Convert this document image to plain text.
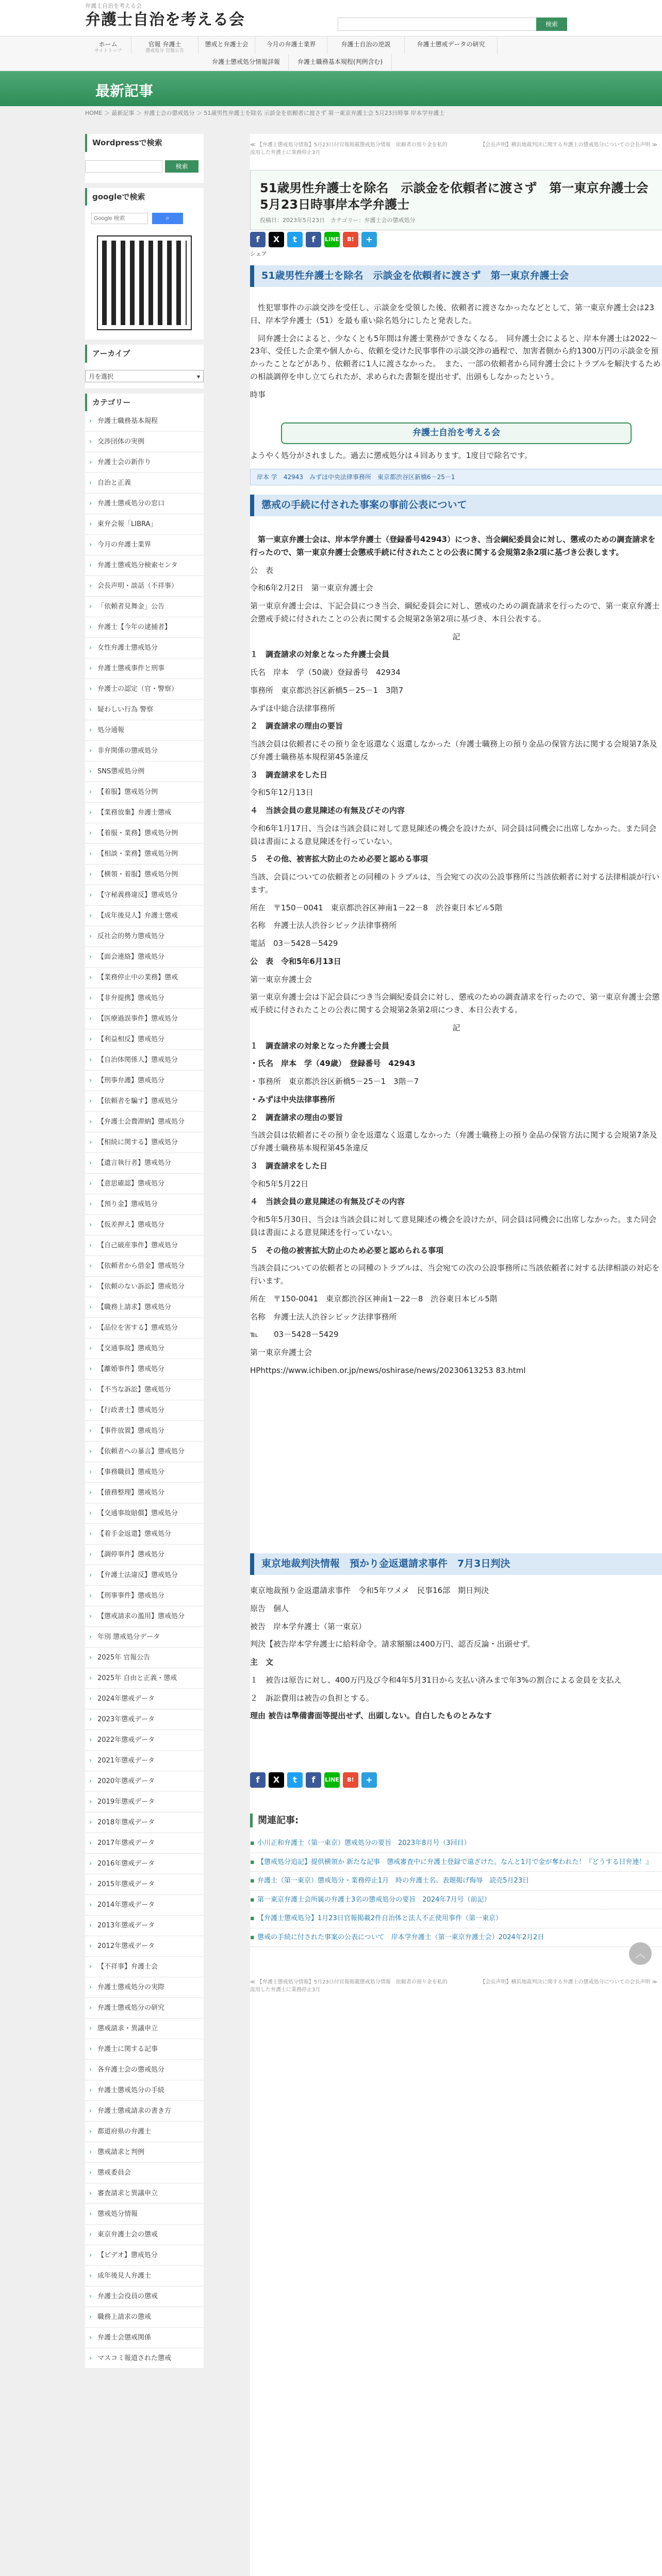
弁護士自治を考える会
弁護士自治を考える会	検索
ホーム
サイトトップ
官報 弁護士
懲戒処分 官報公告
懲戒と弁護士会	今月の弁護士業界	弁護士自治の逆説	弁護士懲戒データの研究
弁護士懲戒処分情報詳報	弁護士職務基本規程(判例含む)
最新記事
HOME ＞ 最新記事 ＞ 弁護士会の懲戒処分 ＞ 51歳男性弁護士を除名 示談金を依頼者に渡さず 第一東京弁護士会 5月23日時事 岸本学弁護士
Wordpressで検索
検索
googleで検索
Google 検索
⌕
アーカイブ
月を選択	▾
カテゴリー
› 弁護士職務基本規程
› 交渉団体の実例
› 弁護士会の新作り
› 自治と正義
› 弁護士懲戒処分の窓口
› 東弁会報「LIBRA」
› 今月の弁護士業界
› 弁護士懲戒処分検索センタ
› 会長声明・談話（不祥事）
› 「依頼者見舞金」公告
› 弁護士【今年の逮捕者】
› 女性弁護士懲戒処分
› 弁護士懲戒事件と刑事
› 弁護士の認定（官・警察）
› 疑わしい行為 警察
› 処分通報
› 非弁関係の懲戒処分
› SNS懲戒処分例
› 【着服】懲戒処分例
› 【業務放棄】弁護士懲戒
› 【着服・業務】懲戒処分例
› 【相談・業務】懲戒処分例
› 【横領・着服】懲戒処分例
› 【守秘義務違反】懲戒処分
› 【成年後見人】弁護士懲戒
› 反社会的勢力懲戒処分
› 【面会連絡】懲戒処分
› 【業務停止中の業務】懲戒
› 【非弁提携】懲戒処分
› 【医療過誤事件】懲戒処分
› 【利益相反】懲戒処分
› 【自治体関係人】懲戒処分
› 【刑事弁護】懲戒処分
› 【依頼者を騙す】懲戒処分
› 【弁護士会費滞納】懲戒処分
› 【相続に関する】懲戒処分
› 【遺言執行者】懲戒処分
› 【意思確認】懲戒処分
› 【預り金】懲戒処分
› 【仮差押え】懲戒処分
› 【自己破産事件】懲戒処分
› 【依頼者から借金】懲戒処分
› 【依頼のない訴訟】懲戒処分
› 【職務上請求】懲戒処分
› 【品位を害する】懲戒処分
› 【交通事故】懲戒処分
› 【離婚事件】懲戒処分
› 【不当な訴訟】懲戒処分
› 【行政書士】懲戒処分
› 【事件放置】懲戒処分
› 【依頼者への暴言】懲戒処分
› 【事務職員】懲戒処分
› 【債務整理】懲戒処分
› 【交通事故賠償】懲戒処分
› 【着手金返還】懲戒処分
› 【調停事件】懲戒処分
› 【弁護士法違反】懲戒処分
› 【刑事事件】懲戒処分
› 【懲戒請求の濫用】懲戒処分
› 年別 懲戒処分データ
› 2025年 官報公告
› 2025年 自由と正義・懲戒
› 2024年懲戒データ
› 2023年懲戒データ
› 2022年懲戒データ
› 2021年懲戒データ
› 2020年懲戒データ
› 2019年懲戒データ
› 2018年懲戒データ
› 2017年懲戒データ
› 2016年懲戒データ
› 2015年懲戒データ
› 2014年懲戒データ
› 2013年懲戒データ
› 2012年懲戒データ
› 【不祥事】弁護士会
› 弁護士懲戒処分の実際
› 弁護士懲戒処分の研究
› 懲戒請求・異議申立
› 弁護士に関する記事
› 各弁護士会の懲戒処分
› 弁護士懲戒処分の手続
› 弁護士懲戒請求の書き方
› 都道府県の弁護士
› 懲戒請求と判例
› 懲戒委員会
› 審査請求と異議申立
› 懲戒処分情報
› 東京弁護士会の懲戒
› 【ビデオ】懲戒処分
› 成年後見人弁護士
› 弁護士会役員の懲戒
› 職務上請求の懲戒
› 弁護士会懲戒関係
› マスコミ報道された懲戒
≪ 【弁護士懲戒処分情報】5月23日付官報掲載懲戒処分情報　依頼者の預り金を私的流用した弁護士に業務停止3月
【会長声明】横浜地裁判決に関する弁護士の懲戒処分についての会長声明 ≫
51歳男性弁護士を除名　示談金を依頼者に渡さず　第一東京弁護士会 5月23日時事岸本学弁護士
投稿日：2023年5月23日　カテゴリー：弁護士会の懲戒処分
f	X	t	f	LINE	B!	+
シェア
51歳男性弁護士を除名　示談金を依頼者に渡さず　第一東京弁護士会

　性犯罪事件の示談交渉を受任し、示談金を受領した後、依頼者に渡さなかったなどとして、第一東京弁護士会は23日、岸本学弁護士（51）を最も重い除名処分にしたと発表した。

　同弁護士会によると、少なくとも5年間は弁護士業務ができなくなる。　同弁護士会によると、岸本弁護士は2022～23年、受任した企業や個人から、依頼を受けた民事事件の示談交渉の過程で、加害者側から約1300万円の示談金を預かったことなどがあり、依頼者に1人に渡さなかった。　また、一部の依頼者から同弁護士会にトラブルを解決するための相談調停を申し立てられたが、求められた書類を提出せず、出頭もしなかったという。

時事

弁護士自治を考える会
ようやく処分がされました。過去に懲戒処分は４回あります。1度目で除名です。
岸本 学　42943　みずほ中央法律事務所　東京都渋谷区新橋6－25－1
懲戒の手続に付された事案の事前公表について

　第一東京弁護士会は、岸本学弁護士（登録番号42943）につき、当会綱紀委員会に対し、懲戒のための調査請求を行ったので、第一東京弁護士会懲戒手続に付されたことの公表に関する会規第2条2項に基づき公表します。

公　表

令和6年2月2日　第一東京弁護士会

第一東京弁護士会は、下記会員につき当会、綱紀委員会に対し、懲戒のための調査請求を行ったので、第一東京弁護士会懲戒手続に付されたことの公表に関する会規第2条第2項に基づき、本日公表する。

記

１　調査請求の対象となった弁護士会員

氏名　岸本　学（50歳）登録番号　42934

事務所　東京都渋谷区新橋5－25－1　3階7

みずほ中総合法律事務所

２　調査請求の理由の要旨

当該会員は依頼者にその預り金を返還なく返還しなかった（弁護士職務上の預り金品の保管方法に関する会規第7条及び弁護士職務基本規程第45条違反

３　調査請求をした日

令和5年12月13日

４　当該会員の意見陳述の有無及びその内容

令和6年1月17日、当会は当該会員に対して意見陳述の機会を設けたが、同会員は同機会に出席しなかった。また同会員は書面による意見陳述を行っていない。

５　その他、被害拡大防止のため必要と認める事項

当該、会員についての依頼者との同種のトラブルは、当会宛ての次の公設事務所に当該依頼者に対する法律相談が行います。

所在　〒150－0041　東京都渋谷区神南1－22－8　渋谷東日本ビル5階

名称　弁護士法人渋谷シビック法律事務所

電話　03－5428－5429

公　表　令和5年6月13日

第一東京弁護士会

第一東京弁護士会は下記会員につき当会綱紀委員会に対し、懲戒のための調査請求を行ったので、第一東京弁護士会懲戒手続に付されたことの公表に関する会規第2条第2項につき、本日公表する。

記

１　調査請求の対象となった弁護士会員

・氏名　岸本　学（49歳）　登録番号　42943

・事務所　東京都渋谷区新橋5－25－1　3階－7

・みずほ中央法律事務所

２　調査請求の理由の要旨

当該会員は依頼者にその預り金を返還なく返還しなかった（弁護士職務上の預り金品の保管方法に関する会規第7条及び弁護士職務基本規程第45条違反

３　調査請求をした日

令和5年5月22日

４　当該会員の意見陳述の有無及びその内容

令和5年5月30日、当会は当該会員に対して意見陳述の機会を設けたが、同会員は同機会に出席しなかった。また同会員は書面による意見陳述を行っていない。

５　その他の被害拡大防止のため必要と認められる事項

当該会員についての依頼者との同種のトラブルは、当会宛ての次の公設事務所に当該依頼者に対する法律相談の対応を行います。

所在　〒150-0041　東京都渋谷区神南1－22－8　渋谷東日本ビル5階

名称　弁護士法人渋谷シビック法律事務所

℡　　03－5428－5429

第一東京弁護士会

HPhttps://www.ichiben.or.jp/news/oshirase/news/20230613253 83.html

東京地裁判決情報　預かり金返還請求事件　7月3日判決

東京地裁預り金返還請求事件　令和5年ワメメ　民事16部　期日判決

原告　個人

被告　岸本学弁護士（第一東京）

判決【被告岸本学弁護士に給料命令。請求額額は400万円、認否反論・出頭せず。

主　文

１　被告は原告に対し、400万円及び令和4年5月31日から支払い済みまで年3%の割合による金員を支払え

２　訴訟費用は被告の負担とする。

理由 被告は準備書面等提出せず、出頭しない。自白したものとみなす

f	X	t	f	LINE	B!	+
関連記事:
▪ 小川正和弁護士（第一東京）懲戒処分の要旨　2023年8月号（3回目）
▪ 【懲戒処分追記】提供横領か 新たな記事　懲戒審査中に弁護士登録で遠ざけた。なんと1月で金が奪われた！『どうする日弁連！』
▪ 弁護士（第一東京）懲戒処分・業務停止1月　時の弁護士名、表題掲げ侮辱　読売5月23日
▪ 第一東京弁護士会所属の弁護士3名の懲戒処分の要旨　2024年7月号（前記）
▪ 【弁護士懲戒処分】1月23日官報掲載2件自治体と法人不正使用事件（第一東京）
▪ 懲戒の手続に付された事案の公表について　岸本学弁護士（第一東京弁護士会）2024年2月2日
≪ 【弁護士懲戒処分情報】5月23日付官報掲載懲戒処分情報　依頼者の預り金を私的流用した弁護士に業務停止3月
【会長声明】横浜地裁判決に関する弁護士の懲戒処分についての会長声明 ≫
︿
